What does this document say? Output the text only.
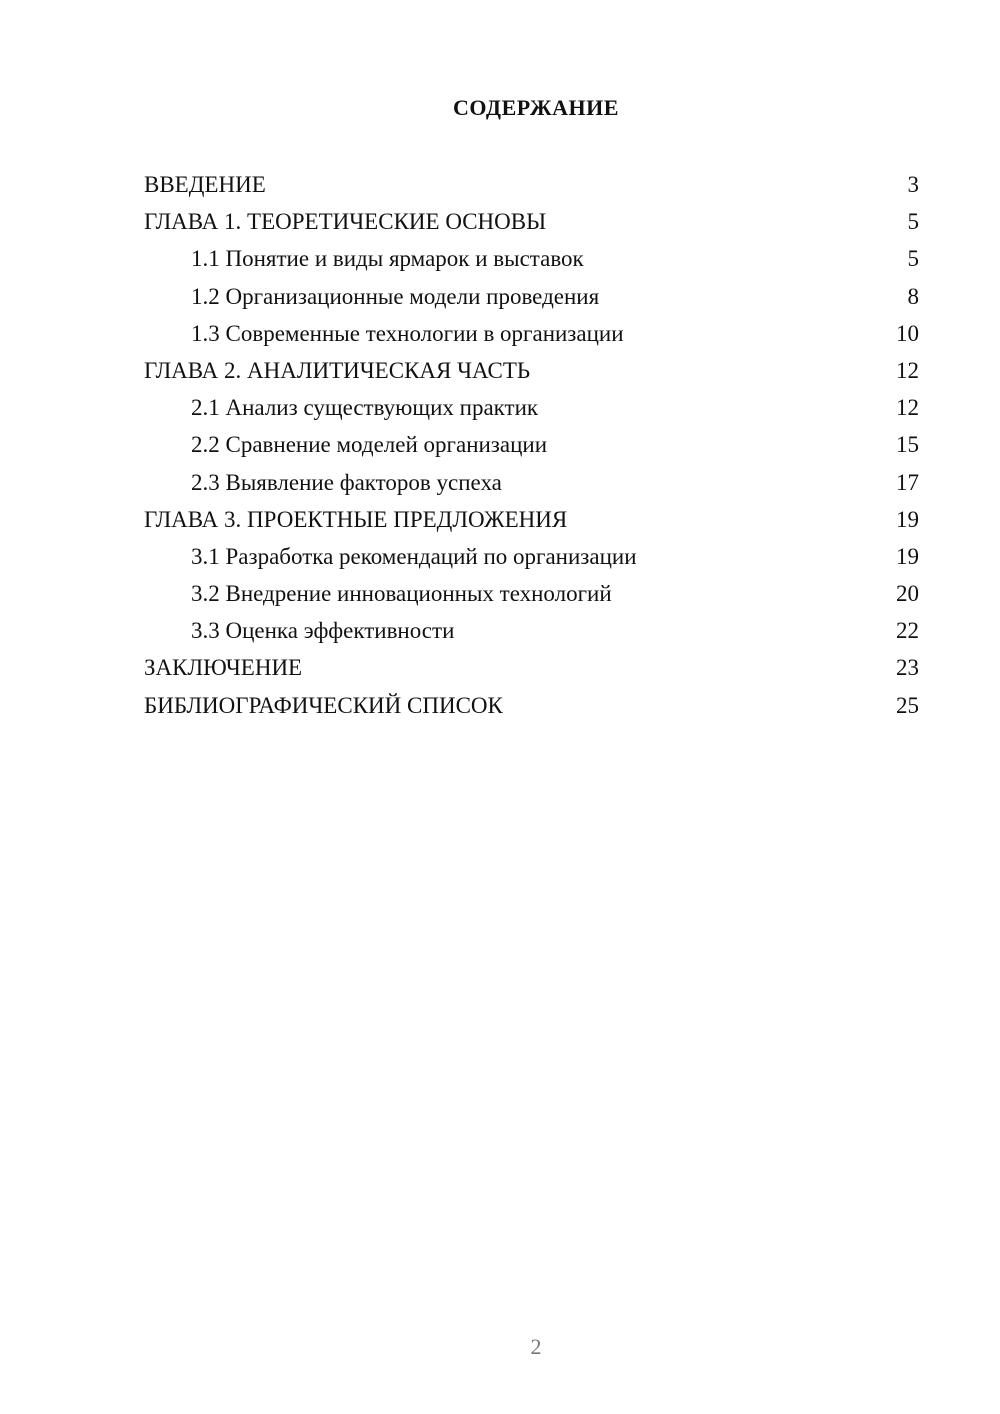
СОДЕРЖАНИЕ
ВВЕДЕНИЕ	3
ГЛАВА 1. ТЕОРЕТИЧЕСКИЕ ОСНОВЫ	5
1.1 Понятие и виды ярмарок и выставок	5
1.2 Организационные модели проведения	8
1.3 Современные технологии в организации	10
ГЛАВА 2. АНАЛИТИЧЕСКАЯ ЧАСТЬ	12
2.1 Анализ существующих практик	12
2.2 Сравнение моделей организации	15
2.3 Выявление факторов успеха	17
ГЛАВА 3. ПРОЕКТНЫЕ ПРЕДЛОЖЕНИЯ	19
3.1 Разработка рекомендаций по организации	19
3.2 Внедрение инновационных технологий	20
3.3 Оценка эффективности	22
ЗАКЛЮЧЕНИЕ	23
БИБЛИОГРАФИЧЕСКИЙ СПИСОК	25
2
